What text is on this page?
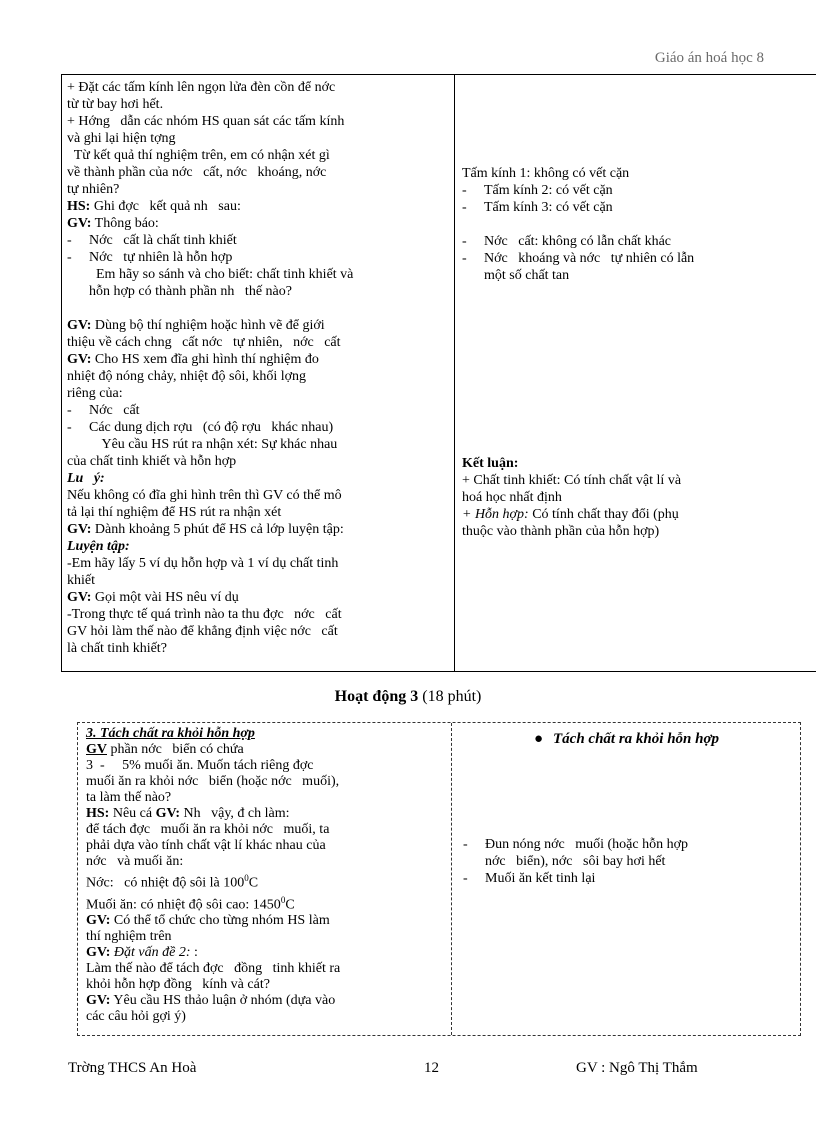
Giáo án hoá học 8
+ Đặt các tấm kính lên ngọn lửa đèn cồn để nớc
từ từ bay hơi hết.
+ Hớng   dẫn các nhóm HS quan sát các tấm kính
và ghi lại hiện tợng
Từ kết quả thí nghiệm trên, em có nhận xét gì
về thành phần của nớc   cất, nớc   khoáng, nớc
tự nhiên?
HS: Ghi đợc   kết quả nh   sau:
GV: Thông báo:
- Nớc   cất là chất tinh khiết
- Nớc   tự nhiên là hỗn hợp
Em hãy so sánh và cho biết: chất tinh khiết và
hỗn hợp có thành phần nh   thế nào?

GV: Dùng bộ thí nghiệm hoặc hình vẽ để giới
thiệu về cách chng   cất nớc   tự nhiên,   nớc   cất
GV: Cho HS xem đĩa ghi hình thí nghiệm đo
nhiệt độ nóng chảy, nhiệt độ sôi, khối lợng
riêng của:
- Nớc   cất
- Các dung dịch rợu   (có độ rợu   khác nhau)
Yêu cầu HS rút ra nhận xét: Sự khác nhau
của chất tinh khiết và hỗn hợp
Lu   ý:
Nếu không có đĩa ghi hình trên thì GV có thể mô
tả lại thí nghiệm để HS rút ra nhận xét
GV: Dành khoảng 5 phút để HS cả lớp luyện tập:
Luyện tập:
-Em hãy lấy 5 ví dụ hỗn hợp và 1 ví dụ chất tinh
khiết
GV: Gọi một vài HS nêu ví dụ
-Trong thực tế quá trình nào ta thu đợc   nớc   cất
GV hỏi làm thế nào để khẳng định việc nớc   cất
là chất tinh khiết?
Tấm kính 1: không có vết cặn
- Tấm kính 2: có vết cặn
- Tấm kính 3: có vết cặn

- Nớc   cất: không có lẫn chất khác
- Nớc   khoáng và nớc   tự nhiên có lẫn
một số chất tan
Kết luận:
+ Chất tinh khiết: Có tính chất vật lí và
hoá học nhất định
+ Hỗn hợp: Có tính chất thay đổi (phụ
thuộc vào thành phần của hỗn hợp)
Hoạt động 3 (18 phút)
3. Tách chất ra khỏi hỗn hợp
GV phần nớc   biển có chứa
3  -     5% muối ăn. Muốn tách riêng đợc
muối ăn ra khỏi nớc   biển (hoặc nớc   muối),
ta làm thế nào?
HS: Nêu cá GV: Nh   vậy, đ ch làm:
để tách đợc   muối ăn ra khỏi nớc   muối, ta
phải dựa vào tính chất vật lí khác nhau của
nớc   và muối ăn:
Nớc:   có nhiệt độ sôi là $100^0C$
Muối ăn: có nhiệt độ sôi cao: 1450$^0$C
GV: Có thể tổ chức cho từng nhóm HS làm
thí nghiệm trên
GV: Đặt vấn đề 2: :
Làm thế nào để tách đợc   đồng   tinh khiết ra
khỏi hỗn hợp đồng   kính và cát?
GV: Yêu cầu HS thảo luận ở nhóm (dựa vào
các câu hỏi gợi ý)
● Tách chất ra khỏi hỗn hợp
- Đun nóng nớc   muối (hoặc hỗn hợp
nớc   biển), nớc   sôi bay hơi hết
- Muối ăn kết tinh lại
Trờng THCS An Hoà	12	GV : Ngô Thị Thắm
